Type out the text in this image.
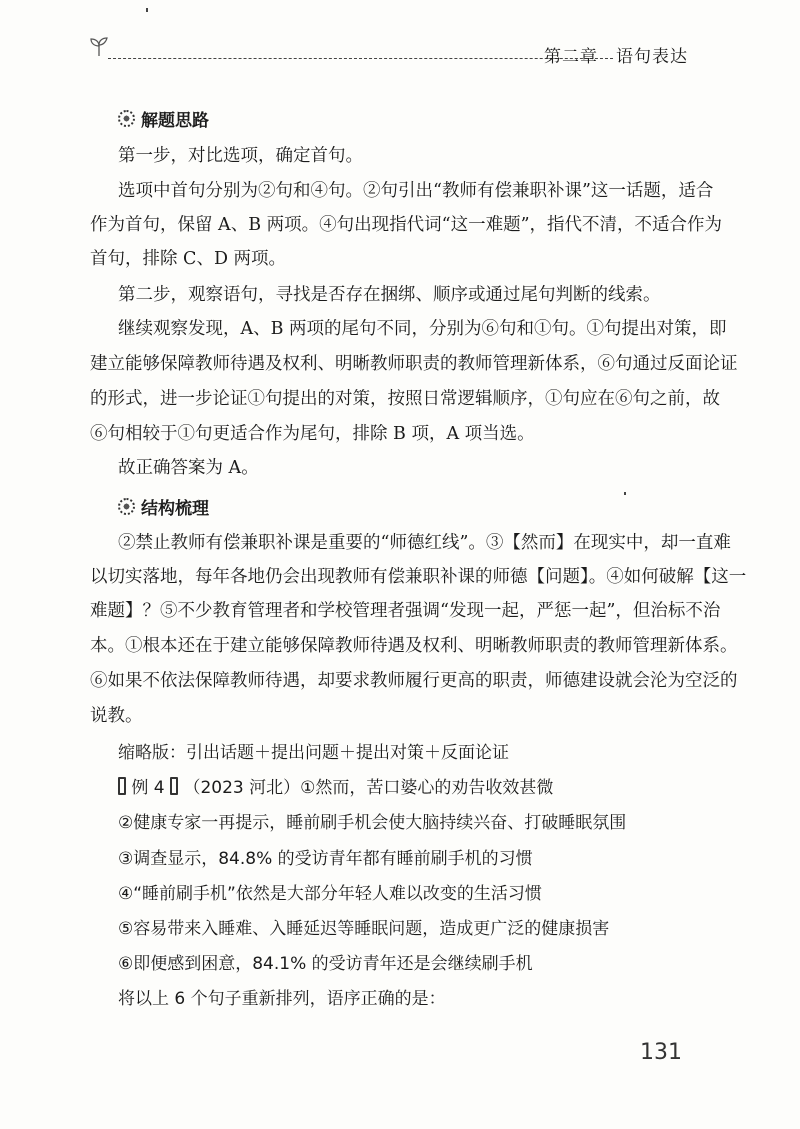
第二章　语句表达
解题思路
第一步，对比选项，确定首句。
选项中首句分别为②句和④句。②句引出“教师有偿兼职补课”这一话题，适合
作为首句，保留 A、B 两项。④句出现指代词“这一难题”，指代不清，不适合作为
首句，排除 C、D 两项。
第二步，观察语句，寻找是否存在捆绑、顺序或通过尾句判断的线索。
继续观察发现，A、B 两项的尾句不同，分别为⑥句和①句。①句提出对策，即
建立能够保障教师待遇及权利、明晰教师职责的教师管理新体系，⑥句通过反面论证
的形式，进一步论证①句提出的对策，按照日常逻辑顺序，①句应在⑥句之前，故
⑥句相较于①句更适合作为尾句，排除 B 项，A 项当选。
故正确答案为 A。
结构梳理
②禁止教师有偿兼职补课是重要的“师德红线”。③【然而】在现实中，却一直难
以切实落地，每年各地仍会出现教师有偿兼职补课的师德【问题】。④如何破解【这一
难题】？⑤不少教育管理者和学校管理者强调“发现一起，严惩一起”，但治标不治
本。①根本还在于建立能够保障教师待遇及权利、明晰教师职责的教师管理新体系。
⑥如果不依法保障教师待遇，却要求教师履行更高的职责，师德建设就会沦为空泛的
说教。
缩略版：引出话题＋提出问题＋提出对策＋反面论证
例 4 （2023 河北）①然而，苦口婆心的劝告收效甚微
②健康专家一再提示，睡前刷手机会使大脑持续兴奋、打破睡眠氛围
③调查显示，84.8% 的受访青年都有睡前刷手机的习惯
④“睡前刷手机”依然是大部分年轻人难以改变的生活习惯
⑤容易带来入睡难、入睡延迟等睡眠问题，造成更广泛的健康损害
⑥即便感到困意，84.1% 的受访青年还是会继续刷手机
将以上 6 个句子重新排列，语序正确的是：
131
